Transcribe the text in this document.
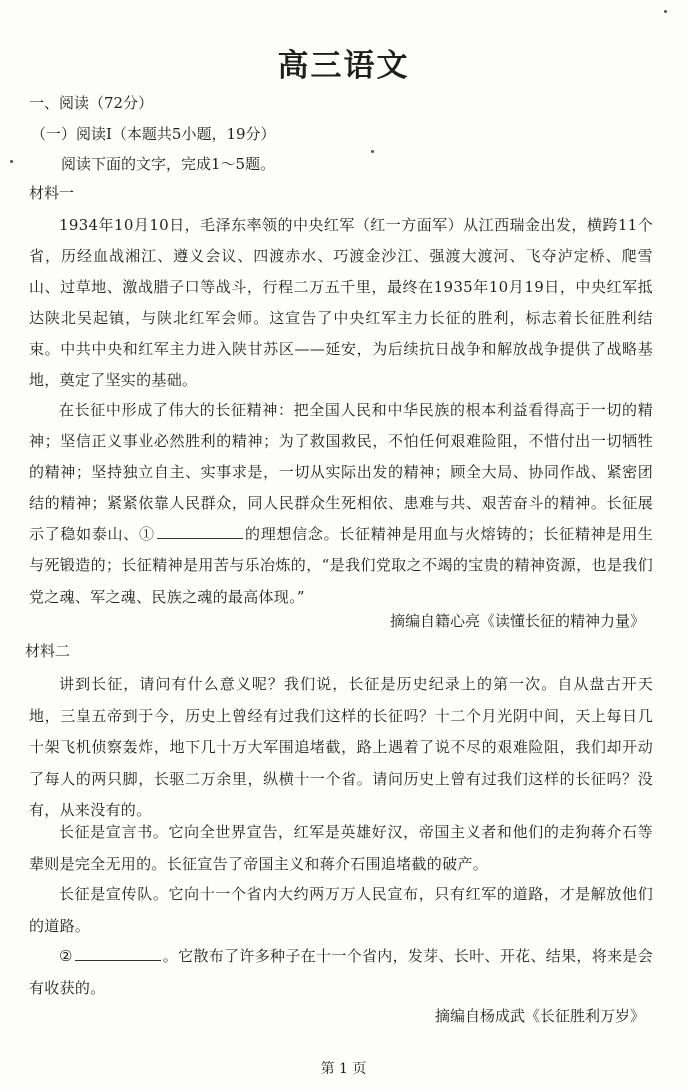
高三语文
一、阅读（72分）
（一）阅读Ⅰ（本题共5小题，19分）
阅读下面的文字，完成1～5题。
材料一
1934年10月10日，毛泽东率领的中央红军（红一方面军）从江西瑞金出发，横跨11个省，历经血战湘江、遵义会议、四渡赤水、巧渡金沙江、强渡大渡河、飞夺泸定桥、爬雪山、过草地、激战腊子口等战斗，行程二万五千里，最终在1935年10月19日，中央红军抵达陕北吴起镇，与陕北红军会师。这宣告了中央红军主力长征的胜利，标志着长征胜利结束。中共中央和红军主力进入陕甘苏区——延安，为后续抗日战争和解放战争提供了战略基地，奠定了坚实的基础。
在长征中形成了伟大的长征精神：把全国人民和中华民族的根本利益看得高于一切的精神；坚信正义事业必然胜利的精神；为了救国救民，不怕任何艰难险阻，不惜付出一切牺牲的精神；坚持独立自主、实事求是，一切从实际出发的精神；顾全大局、协同作战、紧密团结的精神；紧紧依靠人民群众，同人民群众生死相依、患难与共、艰苦奋斗的精神。长征展示了稳如泰山、①	的理想信念。长征精神是用血与火熔铸的；长征精神是用生与死锻造的；长征精神是用苦与乐冶炼的，“是我们党取之不竭的宝贵的精神资源，也是我们党之魂、军之魂、民族之魂的最高体现。”
摘编自籍心亮《读懂长征的精神力量》
材料二
讲到长征，请问有什么意义呢？我们说，长征是历史纪录上的第一次。自从盘古开天地，三皇五帝到于今，历史上曾经有过我们这样的长征吗？十二个月光阴中间，天上每日几十架飞机侦察轰炸，地下几十万大军围追堵截，路上遇着了说不尽的艰难险阻，我们却开动了每人的两只脚，长驱二万余里，纵横十一个省。请问历史上曾有过我们这样的长征吗？没有，从来没有的。
长征是宣言书。它向全世界宣告，红军是英雄好汉，帝国主义者和他们的走狗蒋介石等辈则是完全无用的。长征宣告了帝国主义和蒋介石围追堵截的破产。
长征是宣传队。它向十一个省内大约两万万人民宣布，只有红军的道路，才是解放他们的道路。
②	。它散布了许多种子在十一个省内，发芽、长叶、开花、结果，将来是会有收获的。
摘编自杨成武《长征胜利万岁》
第 1 页
